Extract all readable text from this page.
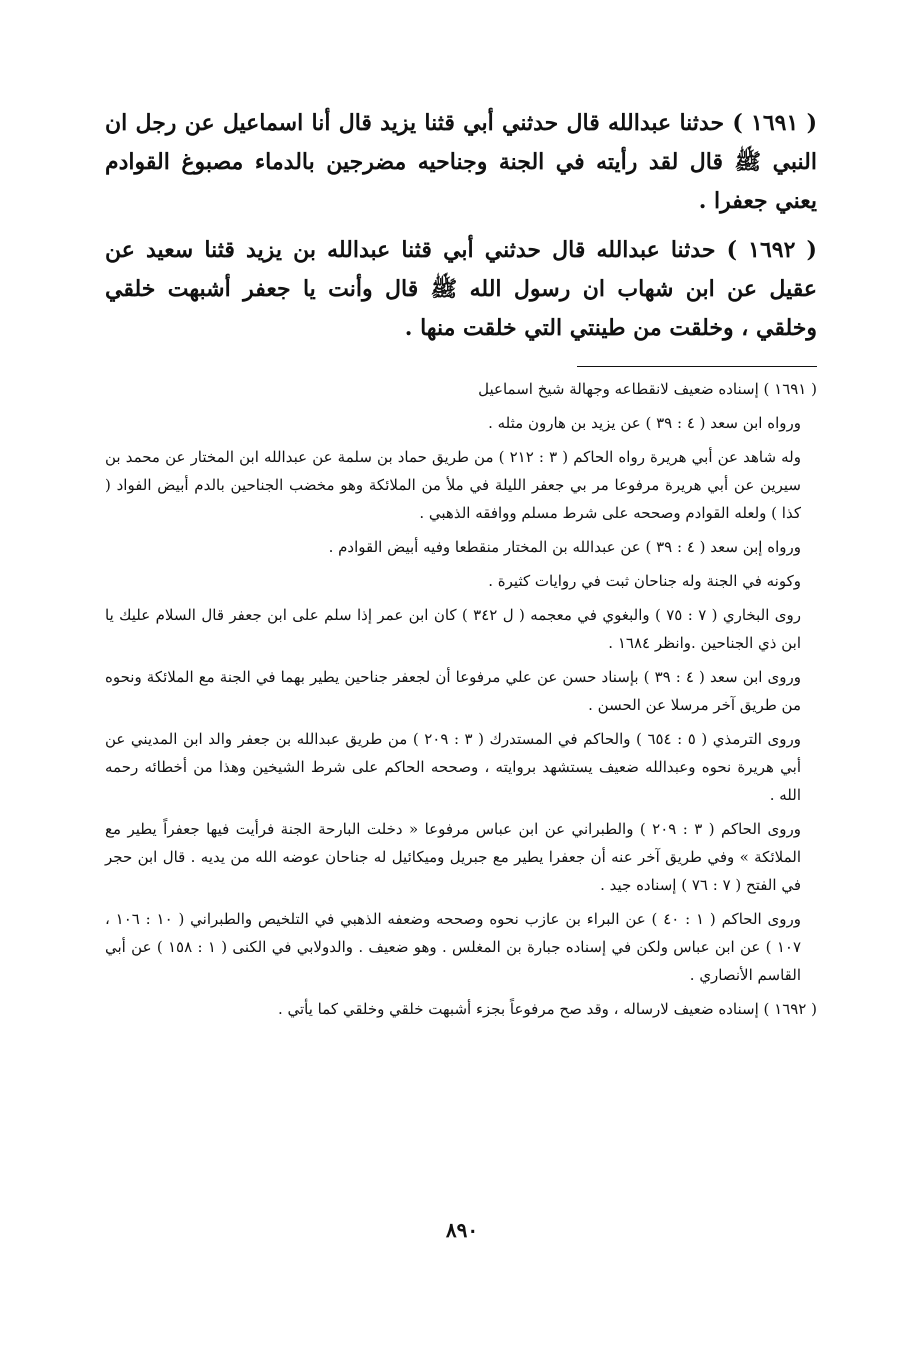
( ١٦٩١ ) حدثنا عبدالله قال حدثني أبي قثنا يزيد قال أنا اسماعيل عن رجل ان النبي ﷺ قال لقد رأيته في الجنة وجناحيه مضرجين بالدماء مصبوغ القوادم يعني جعفرا .

( ١٦٩٢ ) حدثنا عبدالله قال حدثني أبي قثنا عبدالله بن يزيد قثنا سعيد عن عقيل عن ابن شهاب ان رسول الله ﷺ قال وأنت يا جعفر أشبهت خلقي وخلقي ، وخلقت من طينتي التي خلقت منها .

( ١٦٩١ ) إسناده ضعيف لانقطاعه وجهالة شيخ اسماعيل

ورواه ابن سعد ( ٤ : ٣٩ ) عن يزيد بن هارون مثله .

وله شاهد عن أبي هريرة رواه الحاكم ( ٣ : ٢١٢ ) من طريق حماد بن سلمة عن عبدالله ابن المختار عن محمد بن سيرين عن أبي هريرة مرفوعا مر بي جعفر الليلة في ملأ من الملائكة وهو مخضب الجناحين بالدم أبيض الفواد ( كذا ) ولعله القوادم وصححه على شرط مسلم ووافقه الذهبي .

ورواه إبن سعد ( ٤ : ٣٩ ) عن عبدالله بن المختار منقطعا وفيه أبيض القوادم .

وكونه في الجنة وله جناحان ثبت في روايات كثيرة .

روى البخاري ( ٧ : ٧٥ ) والبغوي في معجمه ( ل ٣٤٢ ) كان ابن عمر إذا سلم على ابن جعفر قال السلام عليك يا ابن ذي الجناحين .وانظر ١٦٨٤ .

وروى ابن سعد ( ٤ : ٣٩ ) بإسناد حسن عن علي مرفوعا أن لجعفر جناحين يطير بهما في الجنة مع الملائكة ونحوه من طريق آخر مرسلا عن الحسن .

وروى الترمذي ( ٥ : ٦٥٤ ) والحاكم في المستدرك ( ٣ : ٢٠٩ ) من طريق عبدالله بن جعفر والد ابن المديني عن أبي هريرة نحوه وعبدالله ضعيف يستشهد بروايته ، وصححه الحاكم على شرط الشيخين وهذا من أخطائه رحمه الله .

وروى الحاكم ( ٣ : ٢٠٩ ) والطبراني عن ابن عباس مرفوعا « دخلت البارحة الجنة فرأيت فيها جعفراً يطير مع الملائكة » وفي طريق آخر عنه أن جعفرا يطير مع جبريل وميكائيل له جناحان عوضه الله من يديه . قال ابن حجر في الفتح ( ٧ : ٧٦ ) إسناده جيد .

وروى الحاكم ( ١ : ٤٠ ) عن البراء بن عازب نحوه وصححه وضعفه الذهبي في التلخيص والطبراني ( ١٠ : ١٠٦ ، ١٠٧ ) عن ابن عباس ولكن في إسناده جبارة بن المغلس . وهو ضعيف . والدولابي في الكنى ( ١ : ١٥٨ ) عن أبي القاسم الأنصاري .

( ١٦٩٢ ) إسناده ضعيف لارساله ، وقد صح مرفوعاً بجزء أشبهت خلقي وخلقي كما يأتي .

٨٩٠
